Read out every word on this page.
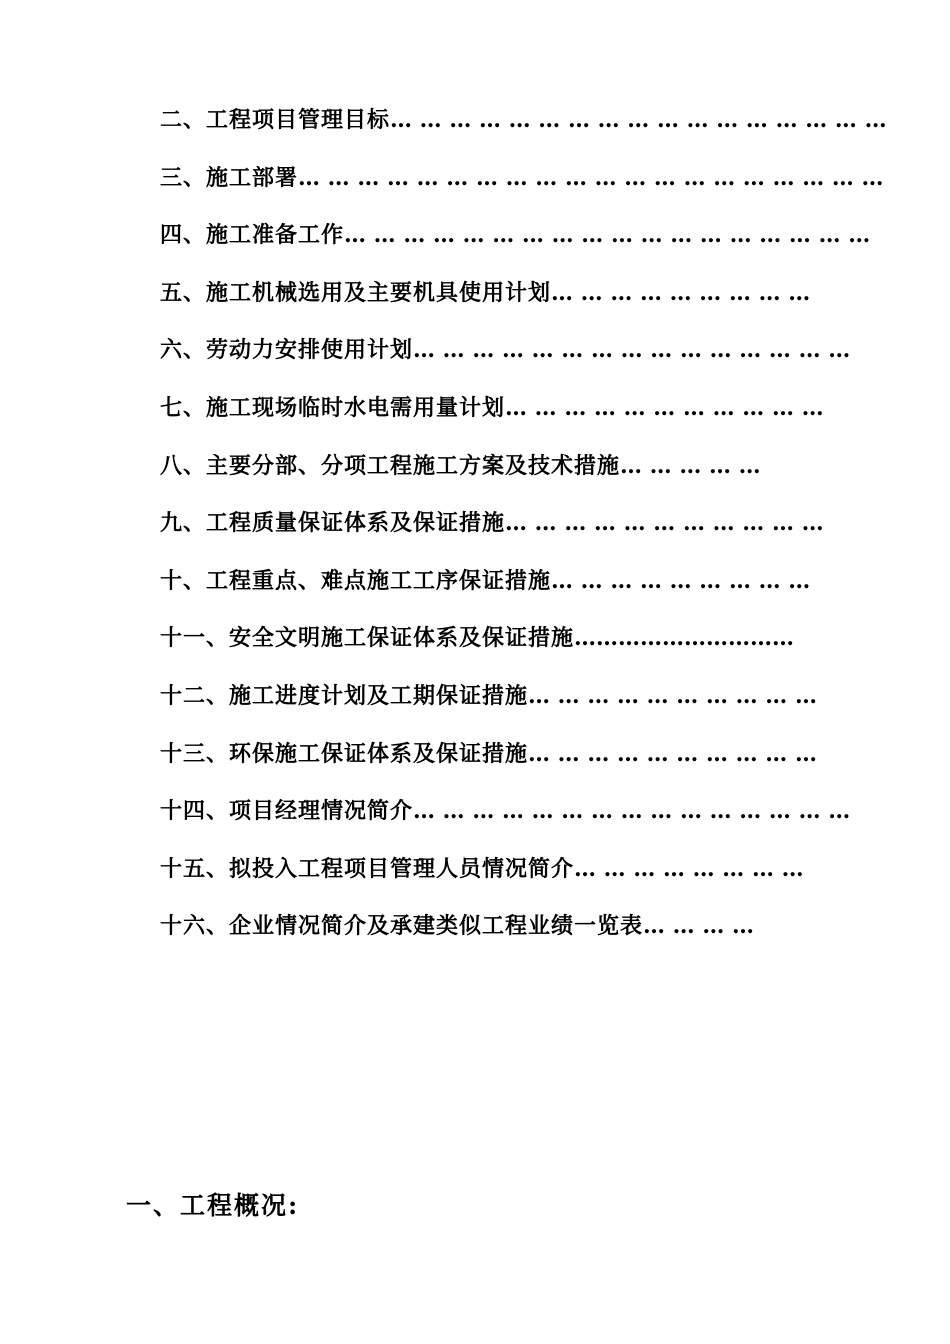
二、工程项目管理目标… … … … … … … … … … … … … … … … …
三、施工部署… … … … … … … … … … … … … … … … … … … …
四、施工准备工作… … … … … … … … … … … … … … … … … …
五、施工机械选用及主要机具使用计划… … … … … … … … …
六、劳动力安排使用计划… … … … … … … … … … … … … … …
七、施工现场临时水电需用量计划… … … … … … … … … … …
八、主要分部、分项工程施工方案及技术措施… … … … …
九、工程质量保证体系及保证措施… … … … … … … … … … …
十、工程重点、难点施工工序保证措施… … … … … … … … …
十一、安全文明施工保证体系及保证措施…………………………
十二、施工进度计划及工期保证措施… … … … … … … … … …
十三、环保施工保证体系及保证措施… … … … … … … … … …
十四、项目经理情况简介… … … … … … … … … … … … … … …
十五、拟投入工程项目管理人员情况简介… … … … … … … …
十六、企业情况简介及承建类似工程业绩一览表… … … …
一、工程概况:
